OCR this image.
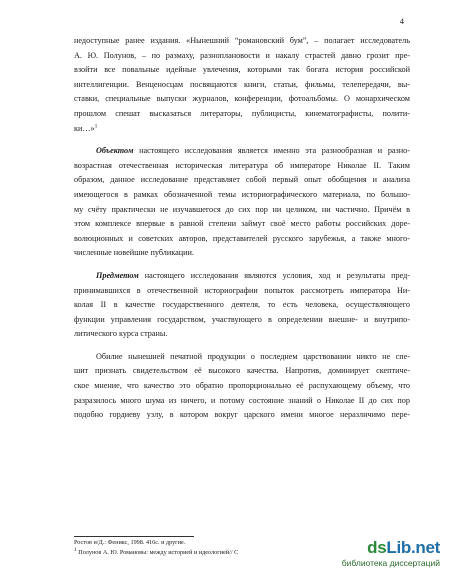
4
недоступные ранее издания. «Нынешний “романовский бум”, – полагает исследователь
А. Ю. Полунов, – по размаху, разноплановости и накалу страстей давно грозит пре-
взойти все повальные идейные увлечения, которыми так богата история российской
интеллигенции. Венценосцам посвящаются книги, статьи, фильмы, телепередачи, вы-
ставки, специальные выпуски журналов, конференции, фотоальбомы. О монархическом
прошлом спешат высказаться литераторы, публицисты, кинематографисты, полити-
ки…»$^1$
Объектом настоящего исследования является именно эта разнообразная и разно-
возрастная отечественная историческая литература об императоре Николае II. Таким
образом, данное исследование представляет собой первый опыт обобщения и анализа
имеющегося в рамках обозначенной темы историографического материала, по большо-
му счёту практически не изучавшегося до сих пор ни целиком, ни частично. Причём в
этом комплексе впервые в равной степени займут своё место работы российских доре-
волюционных и советских авторов, представителей русского зарубежья, а также много-
численные новейшие публикации.
Предметом настоящего исследования являются условия, ход и результаты пред-
принимавшихся в отечественной историографии попыток рассмотреть императора Ни-
колая II в качестве государственного деятеля, то есть человека, осуществляющего
функции управления государством, участвующего в определении внешне- и внутрипо-
литического курса страны.
Обилие нынешней печатной продукции о последнем царствовании никто не спе-
шит признать свидетельством её высокого качества. Напротив, доминирует скептиче-
ское мнение, что качество это обратно пропорционально её распухающему объему, что
разразилось много шума из ничего, и потому состояние знаний о Николае II до сих пор
подобно гордиеву узлу, в котором вокруг царского имени многое неразличимо пере-
Ростов н/Д.: Феникс, 1998. 416с. и другие.
$^1$ Полунов А. Ю. Романовы: между историей и идеологией// С	dsLib.net
библиотека диссертаций
